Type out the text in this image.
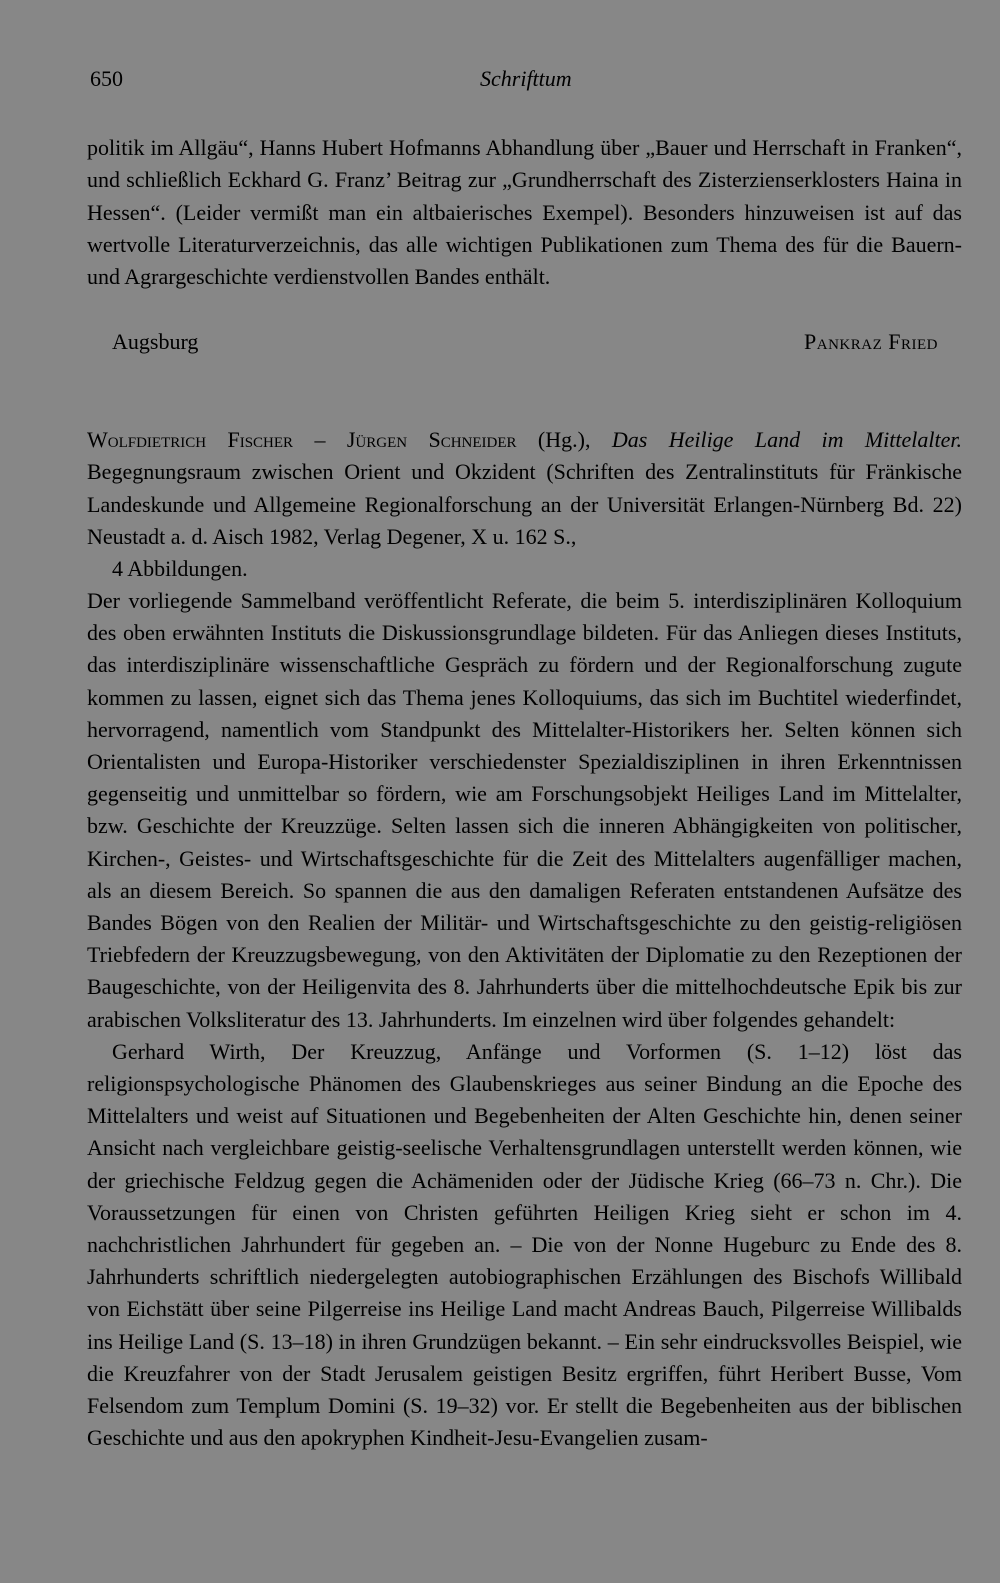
650	Schrifttum

politik im Allgäu“, Hanns Hubert Hofmanns Abhandlung über „Bauer und Herrschaft in Franken“, und schließlich Eckhard G. Franz’ Beitrag zur „Grundherrschaft des Zisterzienserklosters Haina in Hessen“. (Leider vermißt man ein altbaierisches Exempel). Besonders hinzuweisen ist auf das wertvolle Literaturverzeichnis, das alle wichtigen Publikationen zum Thema des für die Bauern- und Agrargeschichte verdienstvollen Bandes enthält.

Augsburg	Pankraz Fried
Wolfdietrich Fischer – Jürgen Schneider (Hg.), Das Heilige Land im Mittelalter. Begegnungsraum zwischen Orient und Okzident (Schriften des Zentralinstituts für Fränkische Landeskunde und Allgemeine Regionalforschung an der Universität Erlangen-Nürnberg Bd. 22) Neustadt a. d. Aisch 1982, Verlag Degener, X u. 162 S.,
4 Abbildungen.

Der vorliegende Sammelband veröffentlicht Referate, die beim 5. interdisziplinären Kolloquium des oben erwähnten Instituts die Diskussionsgrundlage bildeten. Für das Anliegen dieses Instituts, das interdisziplinäre wissenschaftliche Gespräch zu fördern und der Regionalforschung zugute kommen zu lassen, eignet sich das Thema jenes Kolloquiums, das sich im Buchtitel wiederfindet, hervorragend, namentlich vom Standpunkt des Mittelalter-Historikers her. Selten können sich Orientalisten und Europa-Historiker verschiedenster Spezialdisziplinen in ihren Erkenntnissen gegenseitig und unmittelbar so fördern, wie am Forschungsobjekt Heiliges Land im Mittelalter, bzw. Geschichte der Kreuzzüge. Selten lassen sich die inneren Abhängigkeiten von politischer, Kirchen-, Geistes- und Wirtschaftsgeschichte für die Zeit des Mittelalters augenfälliger machen, als an diesem Bereich. So spannen die aus den damaligen Referaten entstandenen Aufsätze des Bandes Bögen von den Realien der Militär- und Wirtschaftsgeschichte zu den geistig-religiösen Triebfedern der Kreuzzugsbewegung, von den Aktivitäten der Diplomatie zu den Rezeptionen der Baugeschichte, von der Heiligenvita des 8. Jahrhunderts über die mittelhochdeutsche Epik bis zur arabischen Volksliteratur des 13. Jahrhunderts. Im einzelnen wird über folgendes gehandelt:

Gerhard Wirth, Der Kreuzzug, Anfänge und Vorformen (S. 1–12) löst das religionspsychologische Phänomen des Glaubenskrieges aus seiner Bindung an die Epoche des Mittelalters und weist auf Situationen und Begebenheiten der Alten Geschichte hin, denen seiner Ansicht nach vergleichbare geistig-seelische Verhaltensgrundlagen unterstellt werden können, wie der griechische Feldzug gegen die Achämeniden oder der Jüdische Krieg (66–73 n. Chr.). Die Voraussetzungen für einen von Christen geführten Heiligen Krieg sieht er schon im 4. nachchristlichen Jahrhundert für gegeben an. – Die von der Nonne Hugeburc zu Ende des 8. Jahrhunderts schriftlich niedergelegten autobiographischen Erzählungen des Bischofs Willibald von Eichstätt über seine Pilgerreise ins Heilige Land macht Andreas Bauch, Pilgerreise Willibalds ins Heilige Land (S. 13–18) in ihren Grundzügen bekannt. – Ein sehr eindrucksvolles Beispiel, wie die Kreuzfahrer von der Stadt Jerusalem geistigen Besitz ergriffen, führt Heribert Busse, Vom Felsendom zum Templum Domini (S. 19–32) vor. Er stellt die Begebenheiten aus der biblischen Geschichte und aus den apokryphen Kindheit-Jesu-Evangelien zusam-
